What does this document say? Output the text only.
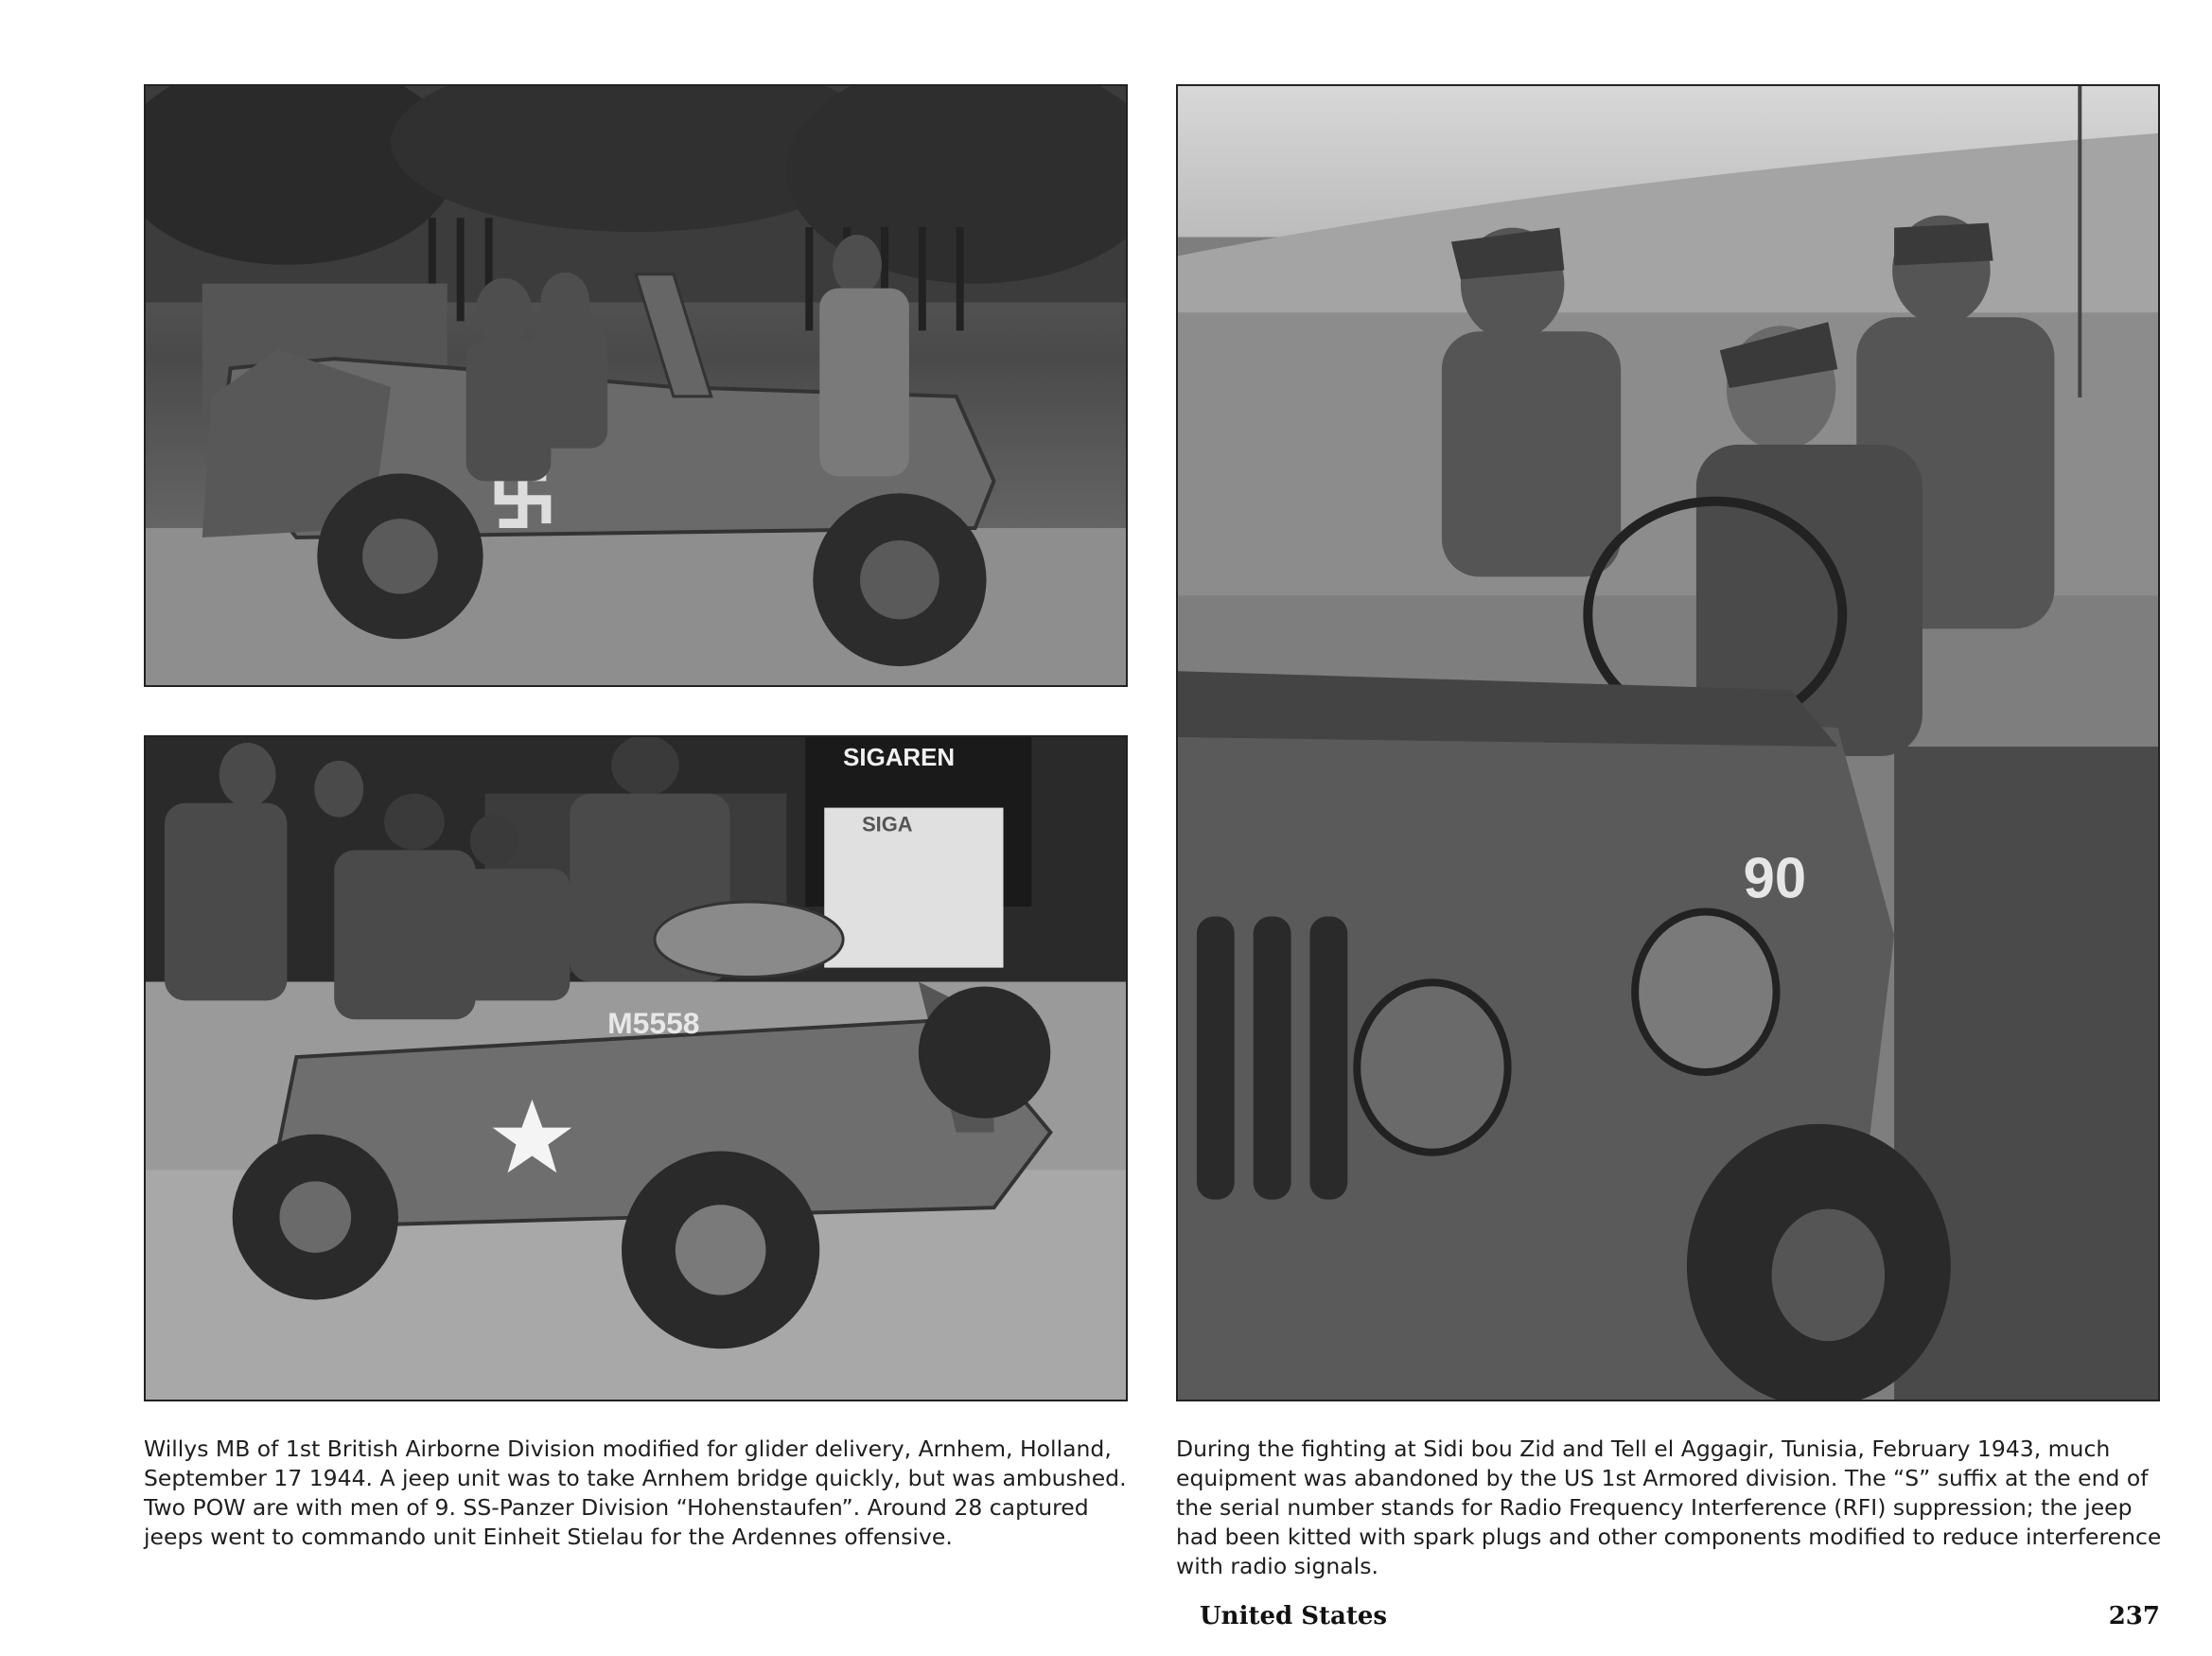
SIGAREN
SIGA
M5558
90

Willys MB of 1st British Airborne Division modified for glider delivery, Arnhem, Holland, September 17 1944. A jeep unit was to take Arnhem bridge quickly, but was ambushed. Two POW are with men of 9. SS-Panzer Division “Hohenstaufen”. Around 28 captured jeeps went to commando unit Einheit Stielau for the Ardennes offensive.

During the fighting at Sidi bou Zid and Tell el Aggagir, Tunisia, February 1943, much equipment was abandoned by the US 1st Armored division. The “S” suffix at the end of the serial number stands for Radio Frequency Interference (RFI) suppression; the jeep had been kitted with spark plugs and other components modified to reduce interference with radio signals.

United States	237
